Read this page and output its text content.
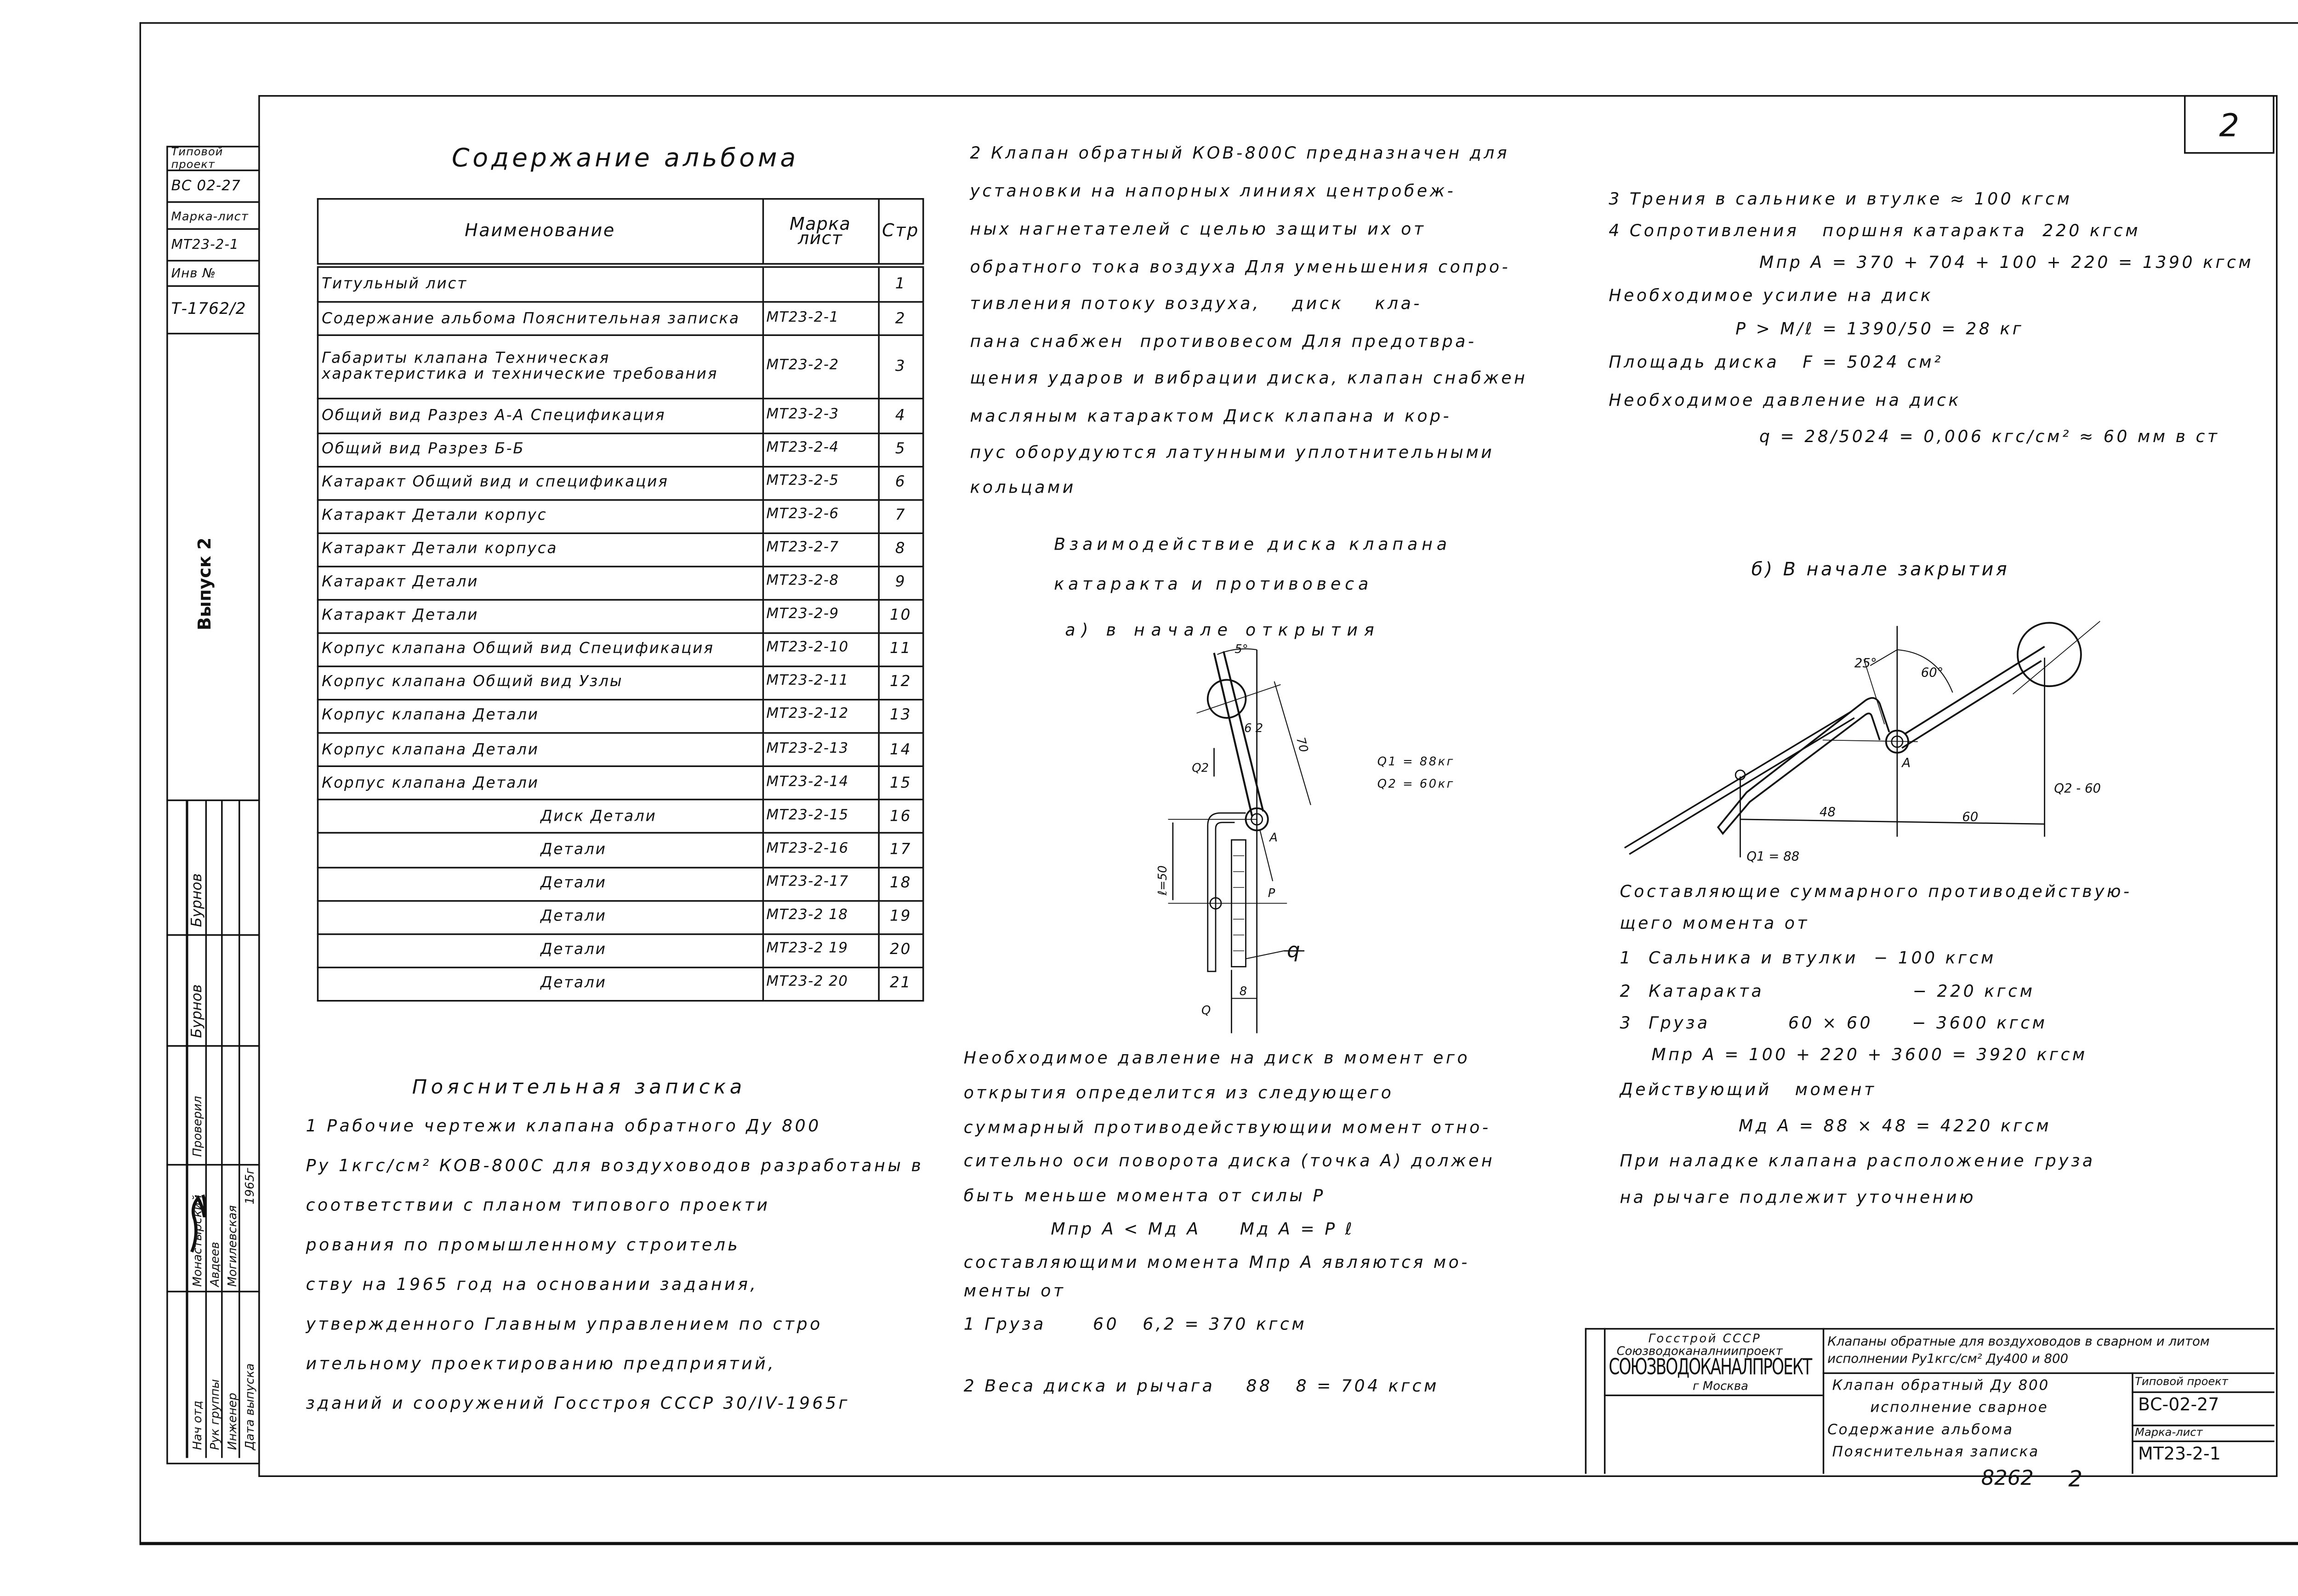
2
Типовой проект
ВС 02-27
Марка-лист
МТ23-2-1
Инв №
Т-1762/2
Выпуск 2
Нач отд Рук группы Инженер Дата выпуска
Монастырский Авдеев Могилевская
1965г
Проверил
Бурнов
Бурнов
Содержание альбома
Наименование	Марка лист	Стр
Титульный лист		1
Содержание альбома Пояснительная записка	МТ23-2-1	2
Габариты клапана Техническая характеристика и технические требования	МТ23-2-2	3
Общий вид Разрез А-А Спецификация	МТ23-2-3	4
Общий вид Разрез Б-Б	МТ23-2-4	5
Катаракт Общий вид и спецификация	МТ23-2-5	6
Катаракт Детали корпус	МТ23-2-6	7
Катаракт Детали корпуса	МТ23-2-7	8
Катаракт Детали	МТ23-2-8	9
Катаракт Детали	МТ23-2-9	10
Корпус клапана Общий вид Спецификация	МТ23-2-10	11
Корпус клапана Общий вид Узлы	МТ23-2-11	12
Корпус клапана Детали	МТ23-2-12	13
Корпус клапана Детали	МТ23-2-13	14
Корпус клапана Детали	МТ23-2-14	15
Диск Детали	МТ23-2-15	16
Детали	МТ23-2-16	17
Детали	МТ23-2-17	18
Детали	МТ23-2 18	19
Детали	МТ23-2 19	20
Детали	МТ23-2 20	21
Пояснительная записка
1 Рабочие чертежи клапана обратного Ду 800
Ру 1кгс/см² КОВ-800С для воздуховодов разработаны в
соответствии с планом типового проекти
рования по промышленному строитель
ству на 1965 год на основании задания,
утвержденного Главным управлением по стро
ительному проектированию предприятий,
зданий и сооружений Госстроя СССР 30/IV-1965г
2 Клапан обратный КОВ-800С предназначен для
установки на напорных линиях центробеж-
ных нагнетателей с целью защиты их от
обратного тока воздуха Для уменьшения сопро-
тивления потоку воздуха,    диск    кла-
пана снабжен  противовесом Для предотвра-
щения ударов и вибрации диска, клапан снабжен
масляным катарактом Диск клапана и кор-
пус оборудуются латунными уплотнительными
кольцами
Взаимодействие диска клапана
катаракта и противовеса
а) в начале открытия
Необходимое давление на диск в момент его
открытия определится из следующего
суммарный противодействующии момент отно-
сительно оси поворота диска (точка А) должен
быть меньше момента от силы P
Мпр А < Мд А     Мд А = P ℓ
составляющими момента Мпр А являются мо-
менты от
1 Груза      60   6,2 = 370 кгсм
2 Веса диска и рычага    88   8 = 704 кгсм
5°
6 2
70
ℓ=50
Q2
A
P
q
8
Q
Q1 = 88кг
Q2 = 60кг
3 Трения в сальнике и втулке ≈ 100 кгсм
4 Сопротивления   поршня катаракта  220 кгсм
Мпр А = 370 + 704 + 100 + 220 = 1390 кгсм
Необходимое усилие на диск
P > M/ℓ = 1390/50 = 28 кг
Площадь диска   F = 5024 см²
Необходимое давление на диск
q = 28/5024 = 0,006 кгс/см² ≈ 60 мм в ст
б) В начале закрытия
Составляющие суммарного противодействую-
щего момента от
1  Сальника и втулки  − 100 кгсм
2  Катаракта                   − 220 кгсм
3  Груза          60 × 60     − 3600 кгсм
Мпр А = 100 + 220 + 3600 = 3920 кгсм
Действующий   момент
Мд А = 88 × 48 = 4220 кгсм
При наладке клапана расположение груза
на рычаге подлежит уточнению
25°
60°
A
Q2 - 60
Q1 = 88
48	60
Госстрой СССР
Союзводоканалниипроект
СОЮЗВОДОКАНАЛПРОЕКТ
г Москва
Клапаны обратные для воздуховодов в сварном и литом исполнении Ру1кгс/см² Ду400 и 800
Клапан обратный Ду 800
исполнение сварное
Содержание альбома
Пояснительная записка
Типовой проект
ВС-02-27
Марка-лист
МТ23-2-1
8262	2
